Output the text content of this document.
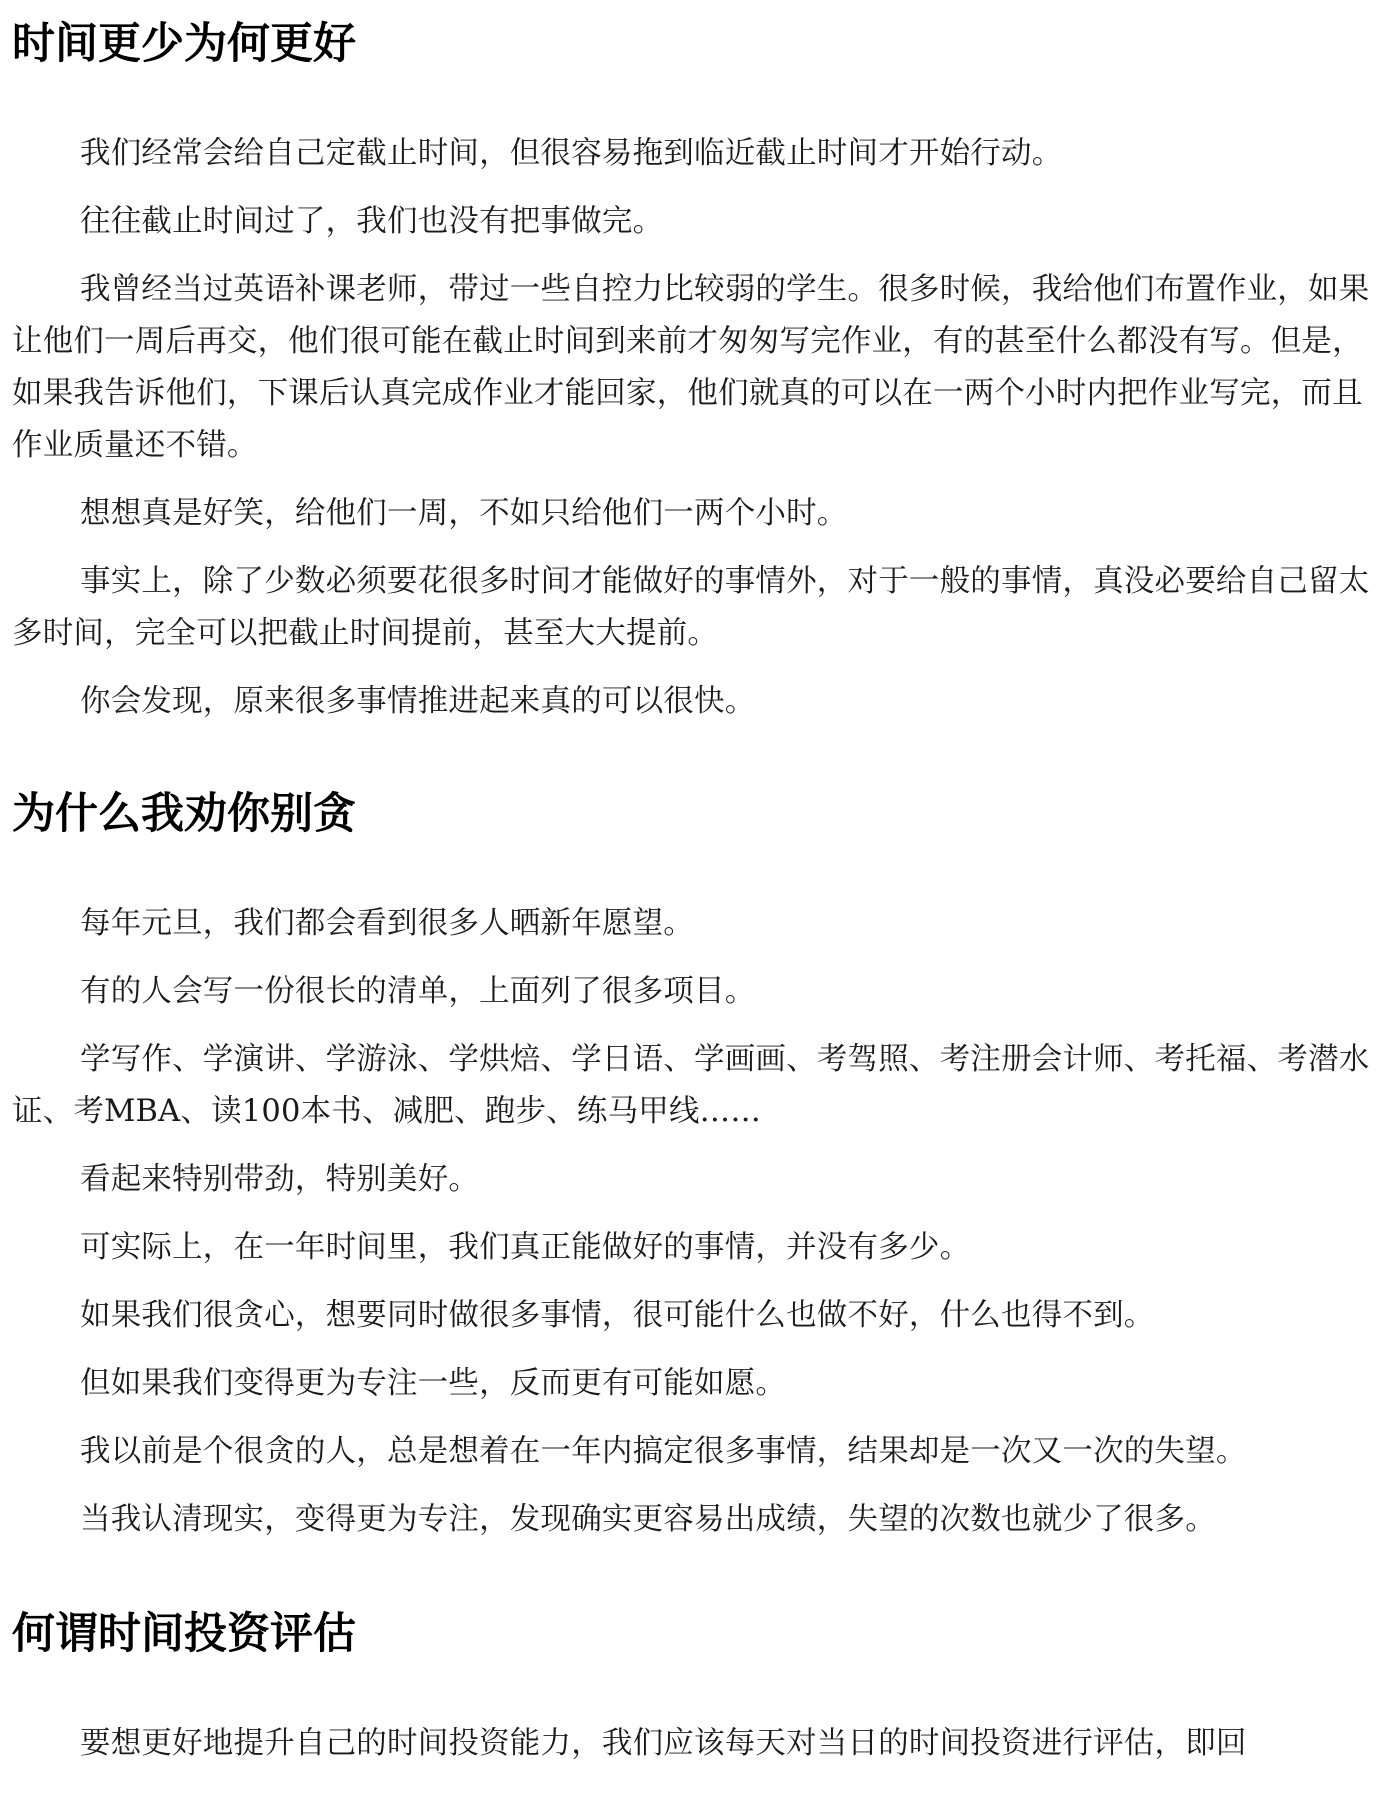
时间更少为何更好

我们经常会给自己定截止时间，但很容易拖到临近截止时间才开始行动。

往往截止时间过了，我们也没有把事做完。

我曾经当过英语补课老师，带过一些自控力比较弱的学生。很多时候，我给他们布置作业，如果让他们一周后再交，他们很可能在截止时间到来前才匆匆写完作业，有的甚至什么都没有写。但是，如果我告诉他们，下课后认真完成作业才能回家，他们就真的可以在一两个小时内把作业写完，而且作业质量还不错。

想想真是好笑，给他们一周，不如只给他们一两个小时。

事实上，除了少数必须要花很多时间才能做好的事情外，对于一般的事情，真没必要给自己留太多时间，完全可以把截止时间提前，甚至大大提前。

你会发现，原来很多事情推进起来真的可以很快。

为什么我劝你别贪

每年元旦，我们都会看到很多人晒新年愿望。

有的人会写一份很长的清单，上面列了很多项目。

学写作、学演讲、学游泳、学烘焙、学日语、学画画、考驾照、考注册会计师、考托福、考潜水证、考MBA、读100本书、减肥、跑步、练马甲线……

看起来特别带劲，特别美好。

可实际上，在一年时间里，我们真正能做好的事情，并没有多少。

如果我们很贪心，想要同时做很多事情，很可能什么也做不好，什么也得不到。

但如果我们变得更为专注一些，反而更有可能如愿。

我以前是个很贪的人，总是想着在一年内搞定很多事情，结果却是一次又一次的失望。

当我认清现实，变得更为专注，发现确实更容易出成绩，失望的次数也就少了很多。

何谓时间投资评估

要想更好地提升自己的时间投资能力，我们应该每天对当日的时间投资进行评估，即回
